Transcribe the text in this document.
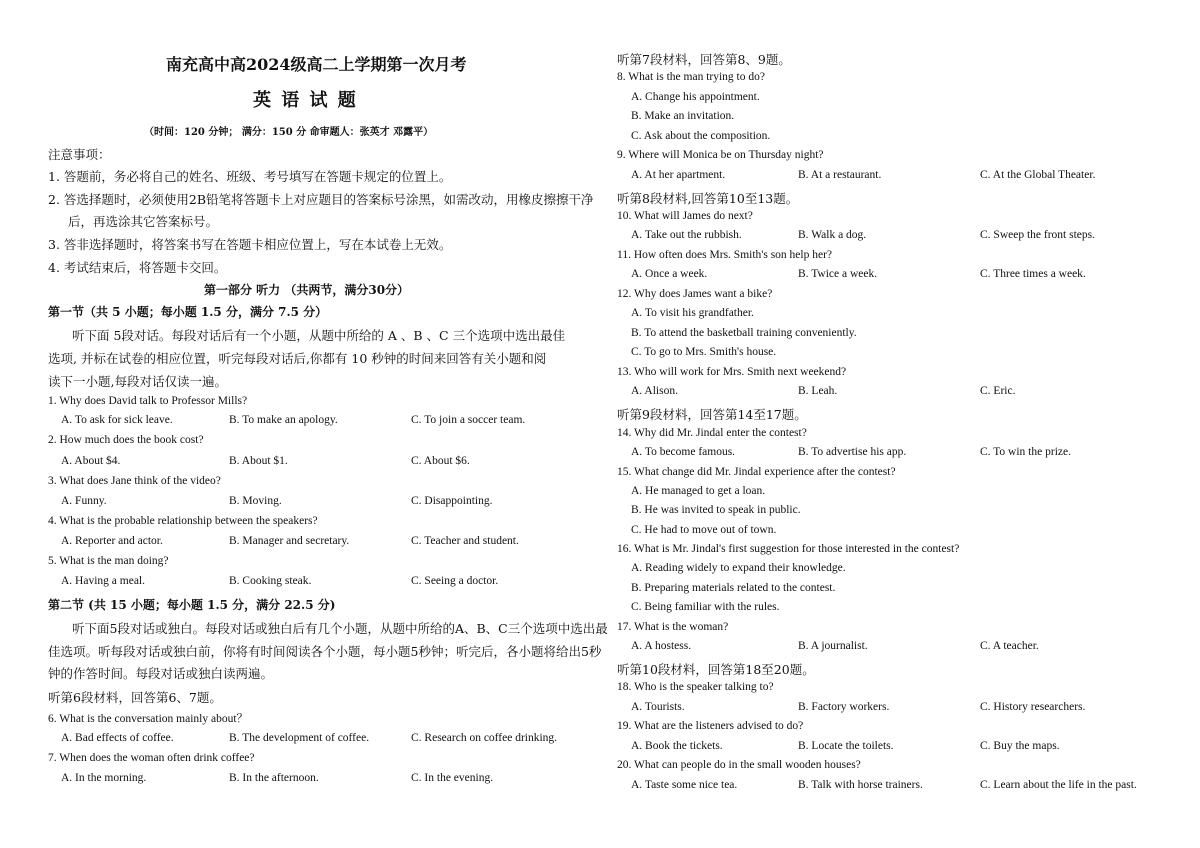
南充高中高2024级高二上学期第一次月考
英 语 试 题
（时间：120 分钟； 满分：150 分 命审题人：张英才 邓露平）
注意事项：
1. 答题前，务必将自己的姓名、班级、考号填写在答题卡规定的位置上。
2. 答选择题时，必须使用2B铅笔将答题卡上对应题目的答案标号涂黑，如需改动，用橡皮擦擦干净
后，再选涂其它答案标号。
3. 答非选择题时，将答案书写在答题卡相应位置上，写在本试卷上无效。
4. 考试结束后，将答题卡交回。
第一部分 听力 （共两节，满分30分）
第一节（共 5 小题；每小题 1.5 分，满分 7.5 分）
听下面 5段对话。每段对话后有一个小题，从题中所给的 A 、B 、C 三个选项中选出最佳
选项, 并标在试卷的相应位置，听完每段对话后,你都有 10 秒钟的时间来回答有关小题和阅
读下一小题,每段对话仅读一遍。
1. Why does David talk to Professor Mills?
A. To ask for sick leave.	B. To make an apology.	C. To join a soccer team.
2. How much does the book cost?
A. About $4.	B. About $1.	C. About $6.
3. What does Jane think of the video?
A. Funny.	B. Moving.	C. Disappointing.
4. What is the probable relationship between the speakers?
A. Reporter and actor.	B. Manager and secretary.	C. Teacher and student.
5. What is the man doing?
A. Having a meal.	B. Cooking steak.	C. Seeing a doctor.
第二节 (共 15 小题；每小题 1.5 分，满分 22.5 分)
听下面5段对话或独白。每段对话或独白后有几个小题，从题中所给的A、B、C三个选项中选出最
佳选项。听每段对话或独白前，你将有时间阅读各个小题，每小题5秒钟；听完后，各小题将给出5秒
钟的作答时间。每段对话或独白读两遍。
听第6段材料，回答第6、7题。
6. What is the conversation mainly about？
A. Bad effects of coffee.	B. The development of coffee.	C. Research on coffee drinking.
7. When does the woman often drink coffee?
A. In the morning.	B. In the afternoon.	C. In the evening.
听第7段材料，回答第8、9题。
8. What is the man trying to do?
A. Change his appointment.
B. Make an invitation.
C. Ask about the composition.
9. Where will Monica be on Thursday night?
A. At her apartment.	B. At a restaurant.	C. At the Global Theater.
听第8段材料,回答第10至13题。
10. What will James do next?
A. Take out the rubbish.	B. Walk a dog.	C. Sweep the front steps.
11. How often does Mrs. Smith's son help her?
A. Once a week.	B. Twice a week.	C. Three times a week.
12. Why does James want a bike?
A. To visit his grandfather.
B. To attend the basketball training conveniently.
C. To go to Mrs. Smith's house.
13. Who will work for Mrs. Smith next weekend?
A. Alison.	B. Leah.	C. Eric.
听第9段材料，回答第14至17题。
14. Why did Mr. Jindal enter the contest?
A. To become famous.	B. To advertise his app.	C. To win the prize.
15. What change did Mr. Jindal experience after the contest?
A. He managed to get a loan.
B. He was invited to speak in public.
C. He had to move out of town.
16. What is Mr. Jindal's first suggestion for those interested in the contest?
A. Reading widely to expand their knowledge.
B. Preparing materials related to the contest.
C. Being familiar with the rules.
17. What is the woman?
A. A hostess.	B. A journalist.	C. A teacher.
听第10段材料，回答第18至20题。
18. Who is the speaker talking to?
A. Tourists.	B. Factory workers.	C. History researchers.
19. What are the listeners advised to do?
A. Book the tickets.	B. Locate the toilets.	C. Buy the maps.
20. What can people do in the small wooden houses?
A. Taste some nice tea.	B. Talk with horse trainers.	C. Learn about the life in the past.
